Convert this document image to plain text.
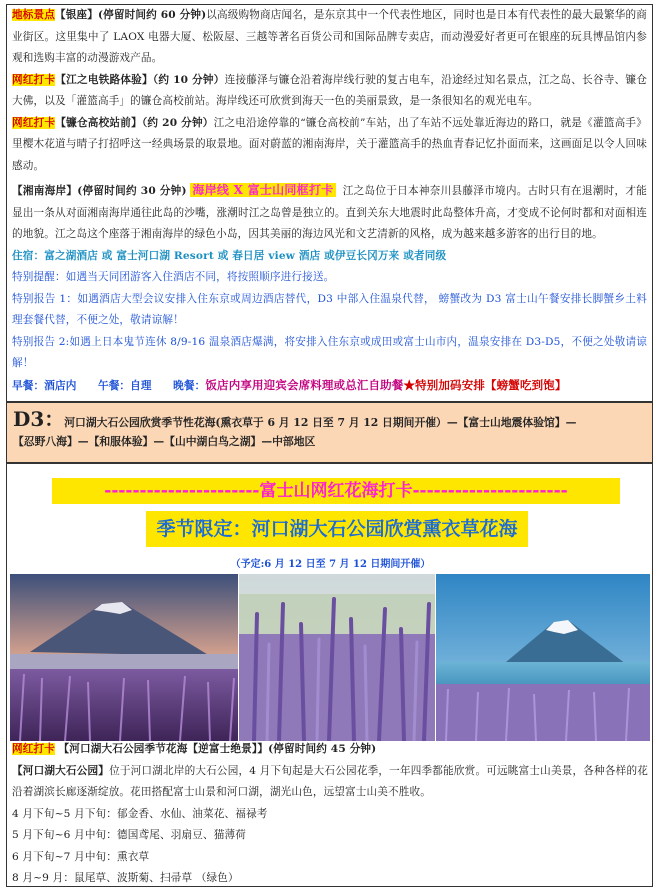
地标景点【银座】(停留时间约 60 分钟)以高级购物商店闻名，是东京其中一个代表性地区，同时也是日本有代表性的最大最繁华的商业街区。这里集中了 LAOX 电器大厦、松阪屋、三越等著名百货公司和国际品牌专卖店，而动漫爱好者更可在银座的玩具博品馆内参观和选购丰富的动漫游戏产品。
网红打卡【江之电铁路体验】（约 10 分钟）连接藤泽与镰仓沿着海岸线行驶的复古电车，沿途经过知名景点，江之岛、长谷寺、镰仓大佛，以及「灌篮高手」的镰仓高校前站。海岸线还可欣赏到海天一色的美丽景致，是一条很知名的观光电车。
网红打卡【镰仓高校站前】（约 20 分钟）江之电沿途停靠的“镰仓高校前”车站，出了车站不远处靠近海边的路口，就是《灌篮高手》里樱木花道与晴子打招呼这一经典场景的取景地。面对蔚蓝的湘南海岸，关于灌篮高手的热血青春记忆扑面而来，这画面足以令人回味感动。
【湘南海岸】(停留时间约 30 分钟) 海岸线 X 富士山同框打卡 江之岛位于日本神奈川县藤泽市境内。古时只有在退潮时，才能显出一条从对面湘南海岸通往此岛的沙嘴，涨潮时江之岛曾是独立的。直到关东大地震时此岛整体升高，才变成不论何时都和对面相连的地貌。江之岛这个座落于湘南海岸的绿色小岛，因其美丽的海边风光和文艺清新的风格，成为越来越多游客的出行目的地。
住宿：富之湖酒店 或 富士河口湖 Resort 或 春日居 view 酒店 或伊豆长冈万来 或者同级
特别提醒：如遇当天同团游客入住酒店不同，将按照顺序进行接送。
特别报告 1：如遇酒店大型会议安排入住东京或周边酒店替代，D3 中部入住温泉代替， 螃蟹改为 D3 富士山午餐安排长脚蟹乡土料理套餐代替，不便之处，敬请谅解！
特别报告 2:如遇上日本鬼节连休 8/9-16 温泉酒店爆满，将安排入住东京或成田或富士山市内，温泉安排在 D3-D5，不便之处敬请谅解！
早餐：酒店内　　午餐：自理　　晚餐：饭店内享用迎宾会席料理或总汇自助餐★特别加码安排【螃蟹吃到饱】
D3：河口湖大石公园欣赏季节性花海(熏衣草于 6 月 12 日至 7 月 12 日期间开催）—【富士山地震体验馆】—
【忍野八海】—【和服体验】—【山中湖白鸟之湖】—中部地区
----------------------富士山网红花海打卡----------------------
季节限定：河口湖大石公园欣赏熏衣草花海
（予定:6 月 12 日至 7 月 12 日期间开催）
网红打卡 【河口湖大石公园季节花海【逆富士绝景】】(停留时间约 45 分钟)
【河口湖大石公园】位于河口湖北岸的大石公园，4 月下旬起是大石公园花季，一年四季都能欣赏。可远眺富士山美景，各种各样的花沿着湖滨长廊逐渐绽放。花田搭配富士山景和河口湖，湖光山色，远望富士山美不胜收。
4 月下旬~5 月下旬：郁金香、水仙、油菜花、福禄考
5 月下旬~6 月中旬：德国鸢尾、羽扇豆、猫薄荷
6 月下旬~7 月中旬：熏衣草
8 月~9 月：鼠尾草、波斯菊、扫帚草 （绿色）
